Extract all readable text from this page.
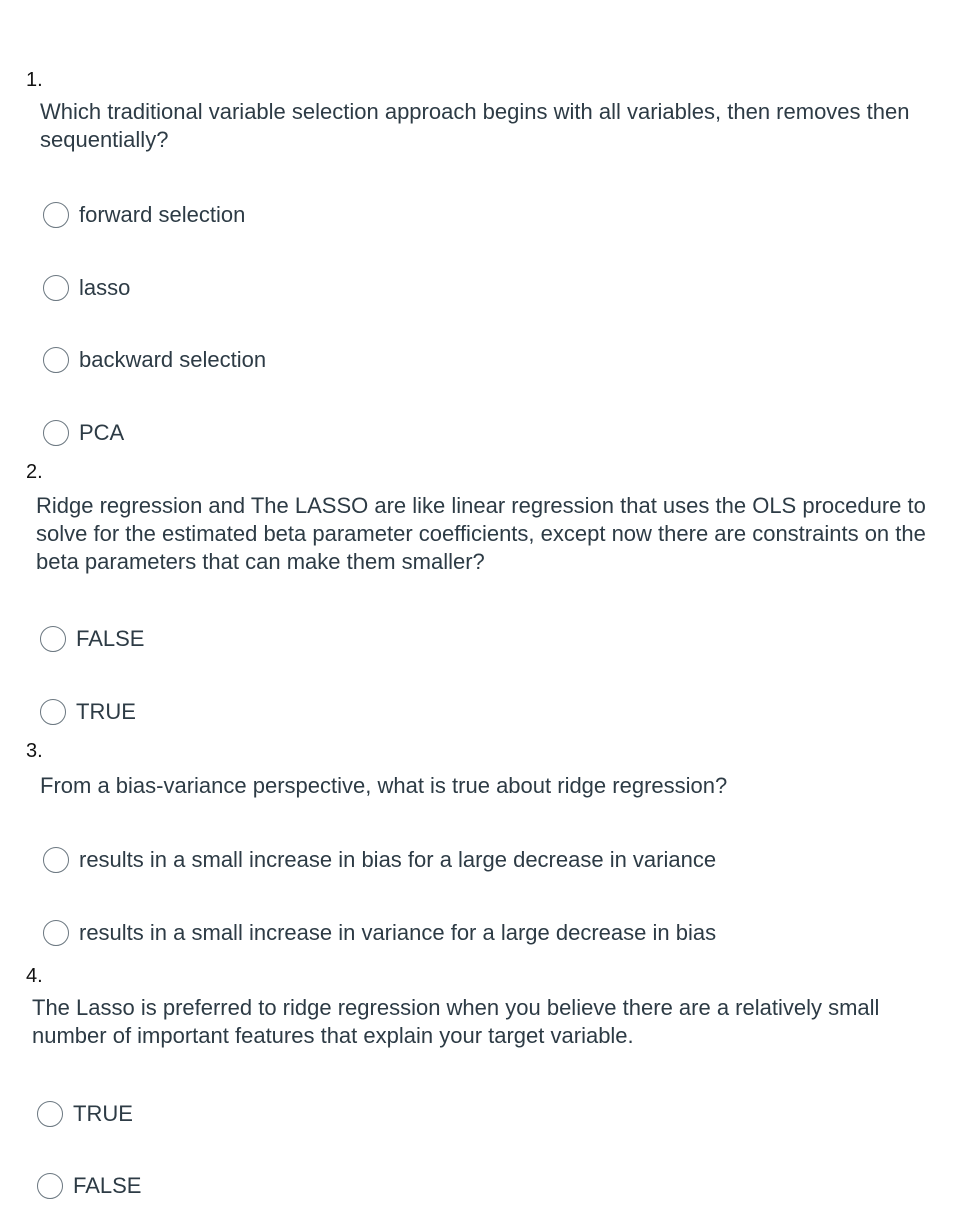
1.
Which traditional variable selection approach begins with all variables, then removes then sequentially?
forward selection
lasso
backward selection
PCA
2.
Ridge regression and The LASSO are like linear regression that uses the OLS procedure to solve for the estimated beta parameter coefficients, except now there are constraints on the beta parameters that can make them smaller?
FALSE
TRUE
3.
From a bias-variance perspective, what is true about ridge regression?
results in a small increase in bias for a large decrease in variance
results in a small increase in variance for a large decrease in bias
4.
The Lasso is preferred to ridge regression when you believe there are a relatively small number of important features that explain your target variable.
TRUE
FALSE
